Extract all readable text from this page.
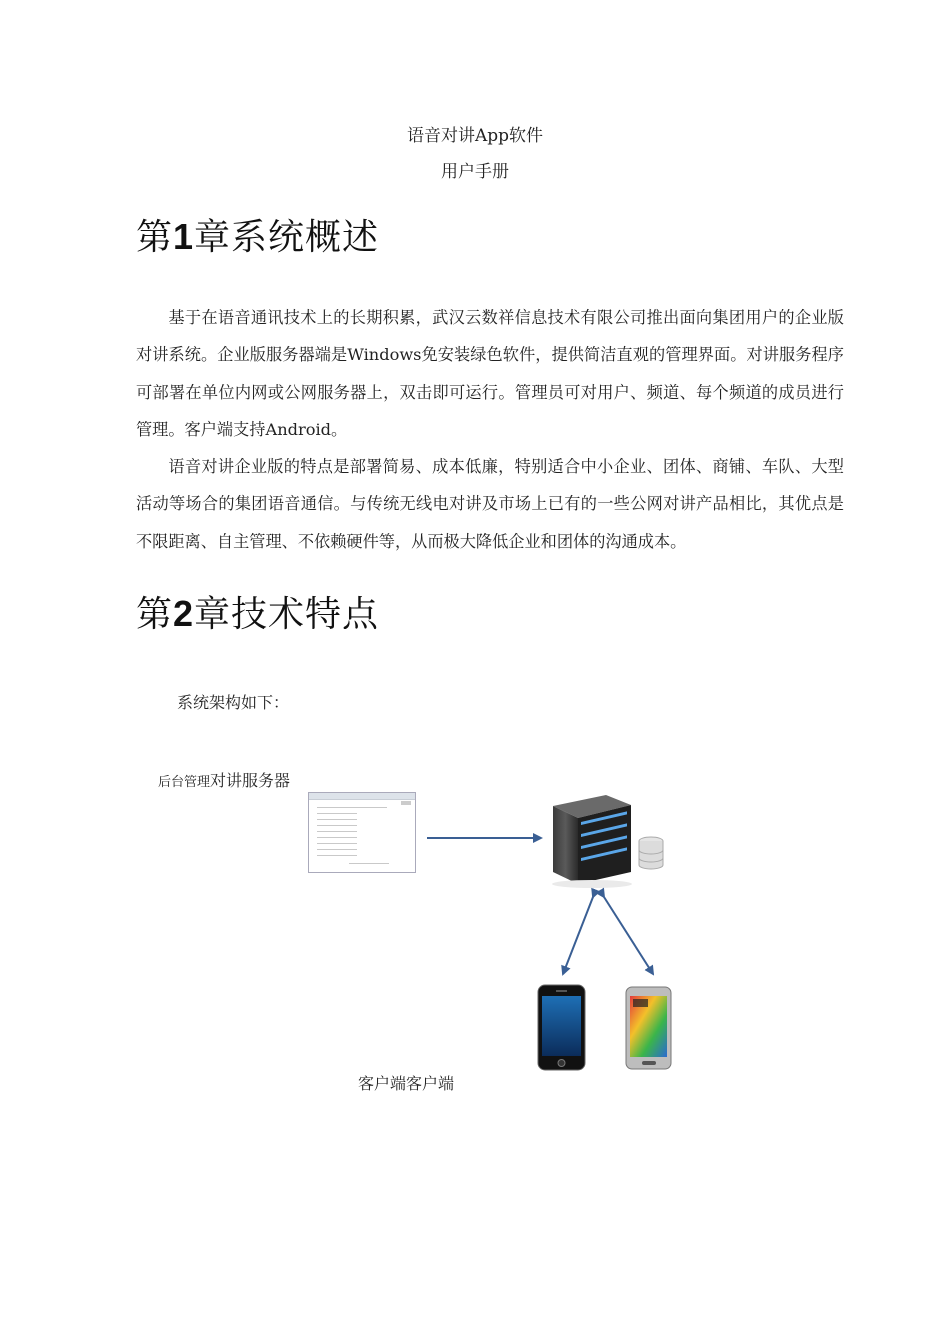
语音对讲App软件
用户手册
第1章系统概述

基于在语音通讯技术上的长期积累，武汉云数祥信息技术有限公司推出面向集团用户的企业版对讲系统。企业版服务器端是Windows免安装绿色软件，提供简洁直观的管理界面。对讲服务程序可部署在单位内网或公网服务器上，双击即可运行。管理员可对用户、频道、每个频道的成员进行管理。客户端支持Android。

语音对讲企业版的特点是部署简易、成本低廉，特别适合中小企业、团体、商铺、车队、大型活动等场合的集团语音通信。与传统无线电对讲及市场上已有的一些公网对讲产品相比，其优点是不限距离、自主管理、不依赖硬件等，从而极大降低企业和团体的沟通成本。

第2章技术特点
系统架构如下：
后台管理对讲服务器
客户端客户端
